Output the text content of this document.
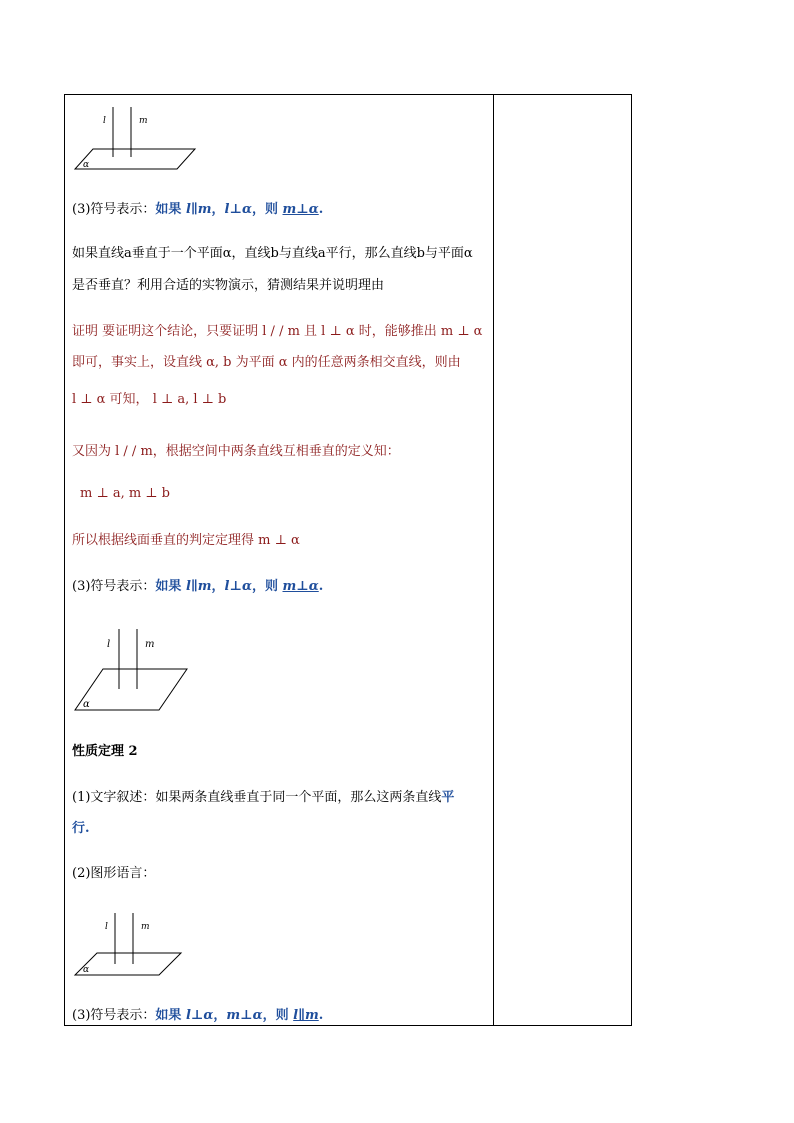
l	m
α
(3)符号表示：如果 l∥m，l⊥α，则 m⊥α.
如果直线a垂直于一个平面α，直线b与直线a平行，那么直线b与平面α
是否垂直？利用合适的实物演示，猜测结果并说明理由
证明 要证明这个结论，只要证明 l / / m 且 l ⊥ α 时，能够推出 m ⊥ α
即可，事实上，设直线 α, b 为平面 α 内的任意两条相交直线，则由
l ⊥ α 可知， l ⊥ a, l ⊥ b
又因为 l / / m，根据空间中两条直线互相垂直的定义知：
m ⊥ a, m ⊥ b
所以根据线面垂直的判定定理得 m ⊥ α
(3)符号表示：如果 l∥m，l⊥α，则 m⊥α.
l	m
α
性质定理 2
(1)文字叙述：如果两条直线垂直于同一个平面，那么这两条直线平
行.
(2)图形语言：
l	m
α
(3)符号表示：如果 l⊥α，m⊥α，则 l∥m.
